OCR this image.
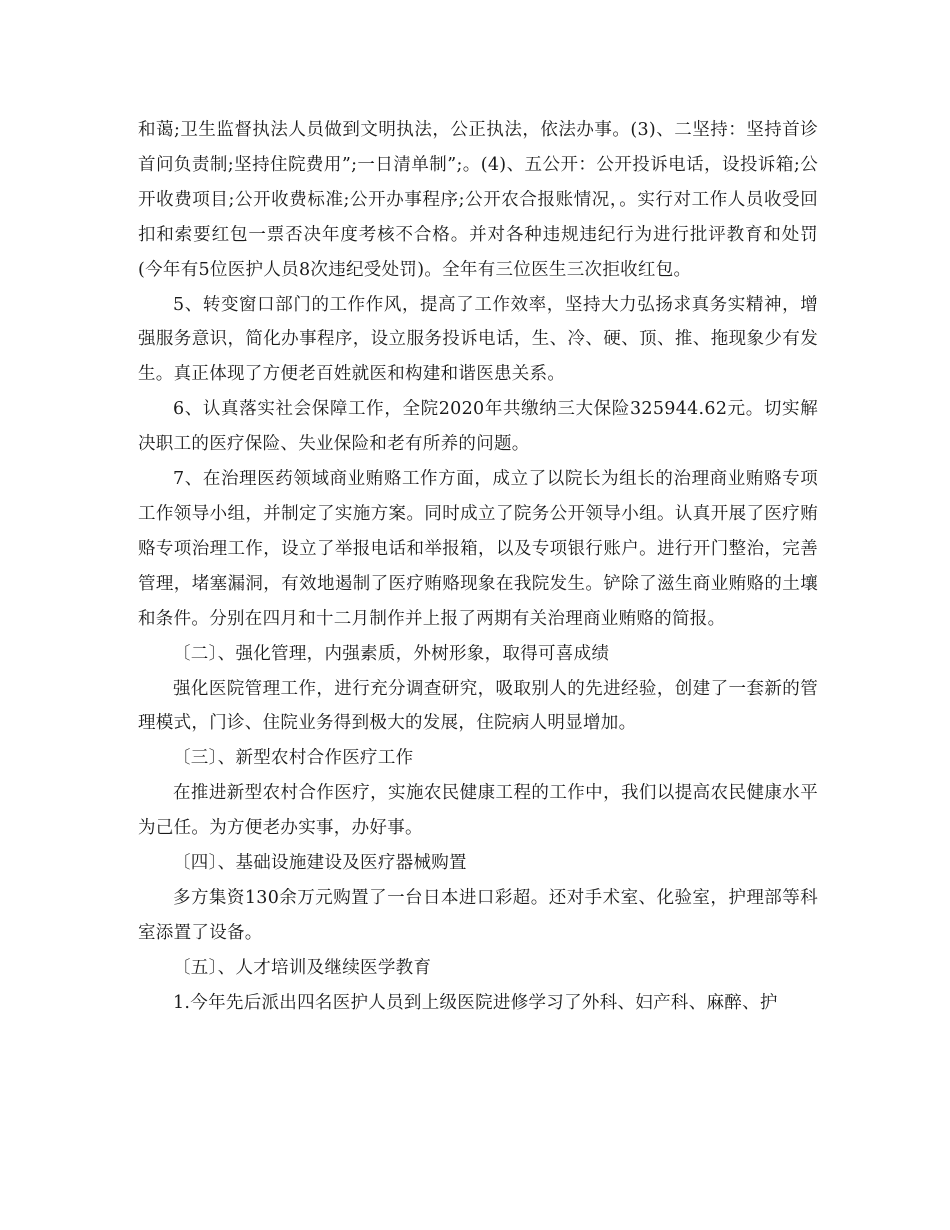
和蔼;卫生监督执法人员做到文明执法，公正执法，依法办事。(3)、二坚持：坚持首诊首问负责制;坚持住院费用”;一日清单制”;。(4)、五公开：公开投诉电话，设投诉箱;公开收费项目;公开收费标准;公开办事程序;公开农合报账情况，。实行对工作人员收受回扣和索要红包一票否决年度考核不合格。并对各种违规违纪行为进行批评教育和处罚(今年有5位医护人员8次违纪受处罚)。全年有三位医生三次拒收红包。

5、转变窗口部门的工作作风，提高了工作效率，坚持大力弘扬求真务实精神，增强服务意识，简化办事程序，设立服务投诉电话，生、冷、硬、顶、推、拖现象少有发生。真正体现了方便老百姓就医和构建和谐医患关系。

6、认真落实社会保障工作，全院2020年共缴纳三大保险325944.62元。切实解决职工的医疗保险、失业保险和老有所养的问题。

7、在治理医药领域商业贿赂工作方面，成立了以院长为组长的治理商业贿赂专项工作领导小组，并制定了实施方案。同时成立了院务公开领导小组。认真开展了医疗贿赂专项治理工作，设立了举报电话和举报箱，以及专项银行账户。进行开门整治，完善管理，堵塞漏洞，有效地遏制了医疗贿赂现象在我院发生。铲除了滋生商业贿赂的土壤和条件。分别在四月和十二月制作并上报了两期有关治理商业贿赂的简报。

〔二〕、强化管理，内强素质，外树形象，取得可喜成绩

强化医院管理工作，进行充分调查研究，吸取别人的先进经验，创建了一套新的管理模式，门诊、住院业务得到极大的发展，住院病人明显增加。

〔三〕、新型农村合作医疗工作

在推进新型农村合作医疗，实施农民健康工程的工作中，我们以提高农民健康水平为己任。为方便老办实事，办好事。

〔四〕、基础设施建设及医疗器械购置

多方集资130余万元购置了一台日本进口彩超。还对手术室、化验室，护理部等科室添置了设备。

〔五〕、人才培训及继续医学教育

1.今年先后派出四名医护人员到上级医院进修学习了外科、妇产科、麻醉、护
